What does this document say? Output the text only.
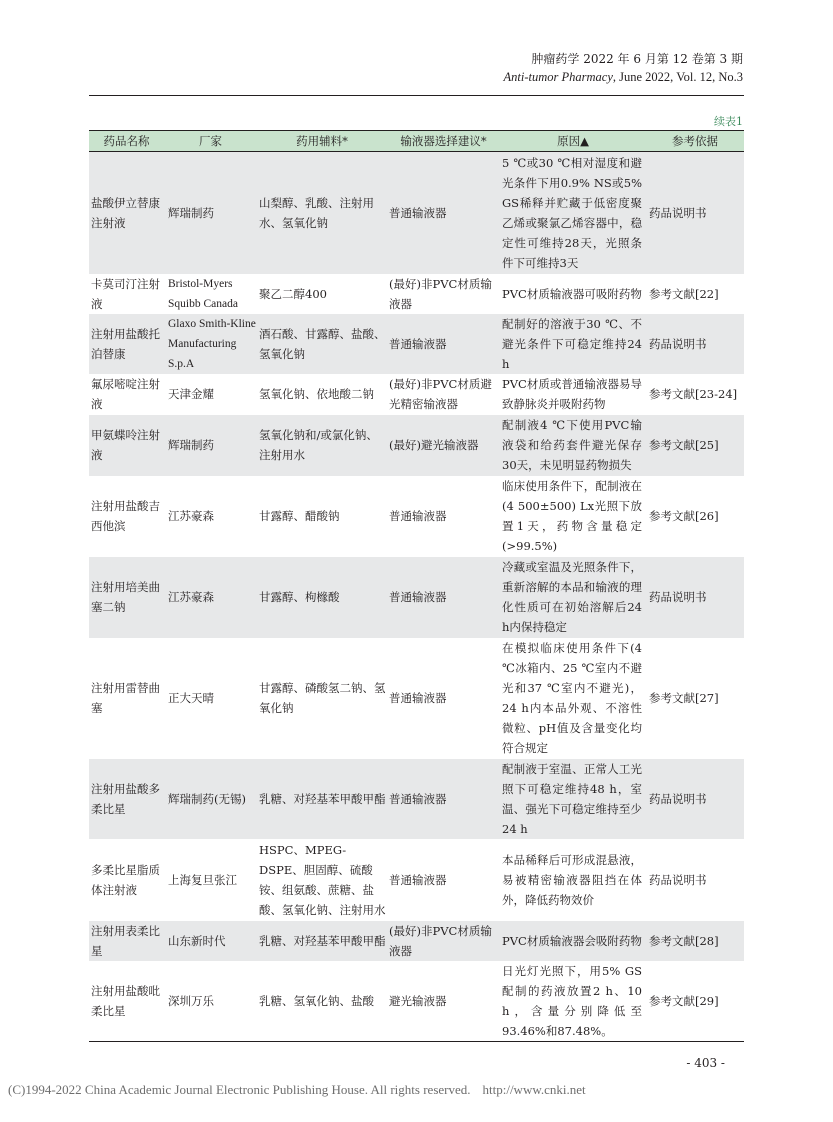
肿瘤药学 2022 年 6 月第 12 卷第 3 期
Anti-tumor Pharmacy, June 2022, Vol. 12, No.3
续表1
药品名称	厂家	药用辅料*	输液器选择建议*	原因▲	参考依据
盐酸伊立替康注射液	辉瑞制药	山梨醇、乳酸、注射用水、氢氧化钠	普通输液器	5 ℃或30 ℃相对湿度和避光条件下用0.9% NS或5% GS稀释并贮藏于低密度聚乙烯或聚氯乙烯容器中，稳定性可维持28天，光照条件下可维持3天	药品说明书
卡莫司汀注射液	Bristol-Myers Squibb Canada	聚乙二醇400	(最好)非PVC材质输液器	PVC材质输液器可吸附药物	参考文献[22]
注射用盐酸托泊替康	Glaxo Smith-Kline Manufacturing S.p.A	酒石酸、甘露醇、盐酸、氢氧化钠	普通输液器	配制好的溶液于30 ℃、不避光条件下可稳定维持24 h	药品说明书
氟尿嘧啶注射液	天津金耀	氢氧化钠、依地酸二钠	(最好)非PVC材质避光精密输液器	PVC材质或普通输液器易导致静脉炎并吸附药物	参考文献[23-24]
甲氨蝶呤注射液	辉瑞制药	氢氧化钠和/或氯化钠、注射用水	(最好)避光输液器	配制液4 ℃下使用PVC输液袋和给药套件避光保存30天，未见明显药物损失	参考文献[25]
注射用盐酸吉西他滨	江苏豪森	甘露醇、醋酸钠	普通输液器	临床使用条件下，配制液在(4 500±500) Lx光照下放置1天，药物含量稳定(>99.5%)	参考文献[26]
注射用培美曲塞二钠	江苏豪森	甘露醇、枸橼酸	普通输液器	冷藏或室温及光照条件下，重新溶解的本品和输液的理化性质可在初始溶解后24 h内保持稳定	药品说明书
注射用雷替曲塞	正大天晴	甘露醇、磷酸氢二钠、氢氧化钠	普通输液器	在模拟临床使用条件下(4 ℃冰箱内、25 ℃室内不避光和37 ℃室内不避光)，24 h内本品外观、不溶性微粒、pH值及含量变化均符合规定	参考文献[27]
注射用盐酸多柔比星	辉瑞制药(无锡)	乳糖、对羟基苯甲酸甲酯	普通输液器	配制液于室温、正常人工光照下可稳定维持48 h，室温、强光下可稳定维持至少24 h	药品说明书
多柔比星脂质体注射液	上海复旦张江	HSPC、MPEG-DSPE、胆固醇、硫酸铵、组氨酸、蔗糖、盐酸、氢氧化钠、注射用水	普通输液器	本品稀释后可形成混悬液，易被精密输液器阻挡在体外，降低药物效价	药品说明书
注射用表柔比星	山东新时代	乳糖、对羟基苯甲酸甲酯	(最好)非PVC材质输液器	PVC材质输液器会吸附药物	参考文献[28]
注射用盐酸吡柔比星	深圳万乐	乳糖、氢氧化钠、盐酸	避光输液器	日光灯光照下，用5% GS配制的药液放置2 h、10 h，含量分别降低至93.46%和87.48%。	参考文献[29]
- 403 -
(C)1994-2022 China Academic Journal Electronic Publishing House. All rights reserved. http://www.cnki.net
